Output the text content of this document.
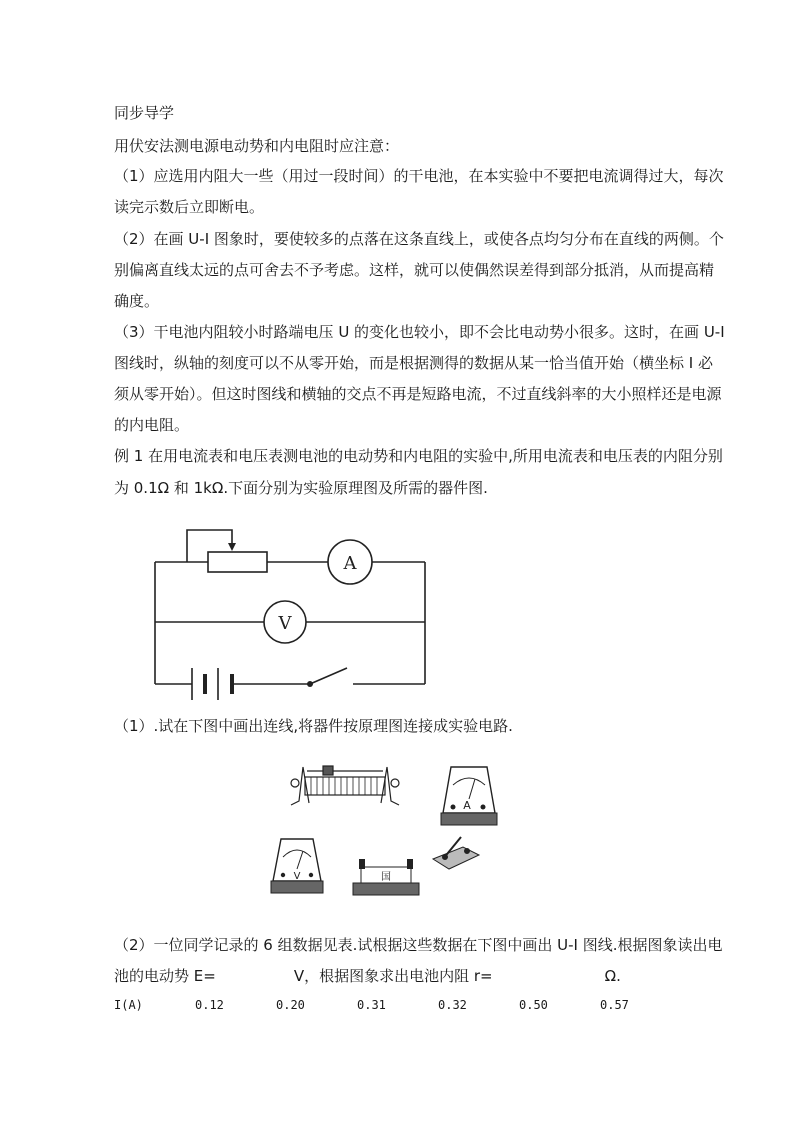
同步导学
用伏安法测电源电动势和内电阻时应注意：
（1）应选用内阻大一些（用过一段时间）的干电池，在本实验中不要把电流调得过大，每次
读完示数后立即断电。
（2）在画 U-I 图象时，要使较多的点落在这条直线上，或使各点均匀分布在直线的两侧。个
别偏离直线太远的点可舍去不予考虑。这样，就可以使偶然误差得到部分抵消，从而提高精
确度。
（3）干电池内阻较小时路端电压 U 的变化也较小，即不会比电动势小很多。这时，在画 U-I
图线时，纵轴的刻度可以不从零开始，而是根据测得的数据从某一恰当值开始（横坐标 I 必
须从零开始）。但这时图线和横轴的交点不再是短路电流，不过直线斜率的大小照样还是电源
的内电阻。
例 1 在用电流表和电压表测电池的电动势和内电阻的实验中,所用电流表和电压表的内阻分别
为 0.1Ω 和 1kΩ.下面分别为实验原理图及所需的器件图.
A
V
（1）.试在下图中画出连线,将器件按原理图连接成实验电路.
A
V	国
（2）一位同学记录的 6 组数据见表.试根据这些数据在下图中画出 U-I 图线.根据图象读出电
池的电动势 E=	V，根据图象求出电池内阻 r=	Ω.
I(A)	0.12	0.20	0.31	0.32	0.50	0.57
